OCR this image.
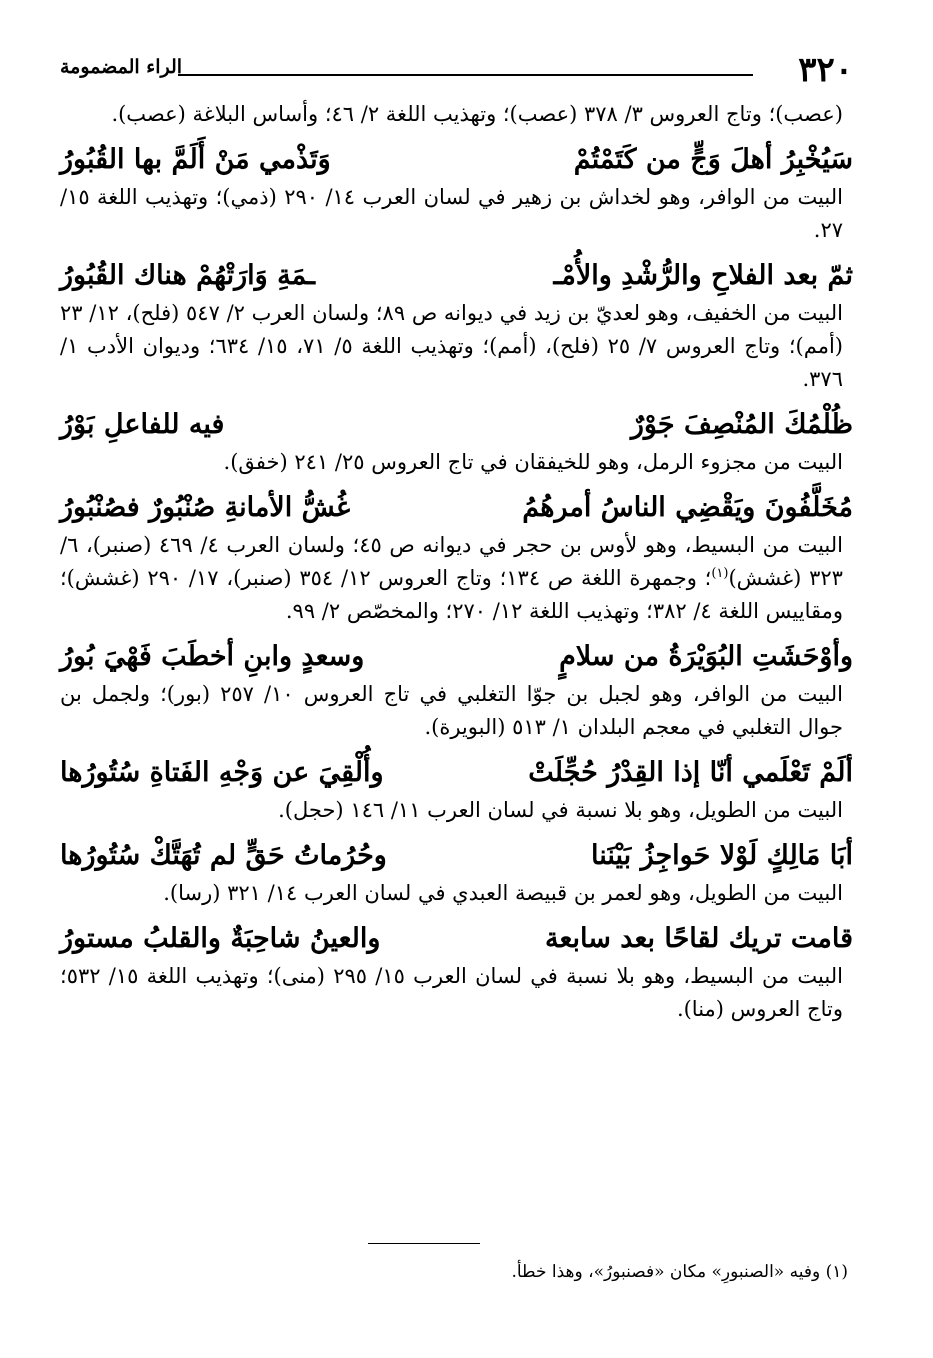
٣٢٠
الراء المضمومة

(عصب)؛ وتاج العروس ٣/ ٣٧٨ (عصب)؛ وتهذيب اللغة ٢/ ٤٦؛ وأساس البلاغة (عصب).

سَيُخْبِرُ أهلَ وَجٍّ من كَتَمْتُمْ
وَتَذْمي مَنْ أَلَمَّ بها القُبُورُ

البيت من الوافر، وهو لخداش بن زهير في لسان العرب ١٤/ ٢٩٠ (ذمي)؛ وتهذيب اللغة ١٥/ ٢٧.

ثمّ بعد الفلاحِ والرُّشْدِ والأُمْـ
ـمَةِ وَارَتْهُمْ هناك القُبُورُ

البيت من الخفيف، وهو لعديّ بن زيد في ديوانه ص ٨٩؛ ولسان العرب ٢/ ٥٤٧ (فلح)، ١٢/ ٢٣ (أمم)؛ وتاج العروس ٧/ ٢٥ (فلح)، (أمم)؛ وتهذيب اللغة ٥/ ٧١، ١٥/ ٦٣٤؛ وديوان الأدب ١/ ٣٧٦.

ظُلْمُكَ المُنْصِفَ جَوْرٌ
فيه للفاعلِ بَوْرُ

البيت من مجزوء الرمل، وهو للخيفقان في تاج العروس ٢٥/ ٢٤١ (خفق).

مُخَلَّفُونَ ويَقْضِي الناسُ أمرهُمُ
غُشُّ الأمانةِ صُنْبُورٌ فصُنْبُورُ

البيت من البسيط، وهو لأوس بن حجر في ديوانه ص ٤٥؛ ولسان العرب ٤/ ٤٦٩ (صنبر)، ٦/ ٣٢٣ (غشش)$^{(١)}$؛ وجمهرة اللغة ص ١٣٤؛ وتاج العروس ١٢/ ٣٥٤ (صنبر)، ١٧/ ٢٩٠ (غشش)؛ ومقاييس اللغة ٤/ ٣٨٢؛ وتهذيب اللغة ١٢/ ٢٧٠؛ والمخصّص ٢/ ٩٩.

وأوْحَشَتِ البُوَيْرَةُ من سلامٍ
وسعدٍ وابنِ أخطَبَ فَهْيَ بُورُ

البيت من الوافر، وهو لجبل بن جوّا التغلبي في تاج العروس ١٠/ ٢٥٧ (بور)؛ ولجمل بن جوال التغلبي في معجم البلدان ١/ ٥١٣ (البويرة).

ألَمْ تَعْلَمي أنّا إذا القِدْرُ حُجِّلَتْ
وأُلْقِيَ عن وَجْهِ الفَتاةِ سُتُورُها

البيت من الطويل، وهو بلا نسبة في لسان العرب ١١/ ١٤٦ (حجل).

أبَا مَالِكٍ لَوْلا حَواجِزُ بَيْنَنا
وحُرُماتُ حَقٍّ لم تُهَتَّكْ سُتُورُها

البيت من الطويل، وهو لعمر بن قبيصة العبدي في لسان العرب ١٤/ ٣٢١ (رسا).

قامت تريك لقاحًا بعد سابعة
والعينُ شاحِبَةٌ والقلبُ مستورُ

البيت من البسيط، وهو بلا نسبة في لسان العرب ١٥/ ٢٩٥ (منى)؛ وتهذيب اللغة ١٥/ ٥٣٢؛ وتاج العروس (منا).

(١) وفيه «الصنبورِ» مكان «فصنبورُ»، وهذا خطأ.
